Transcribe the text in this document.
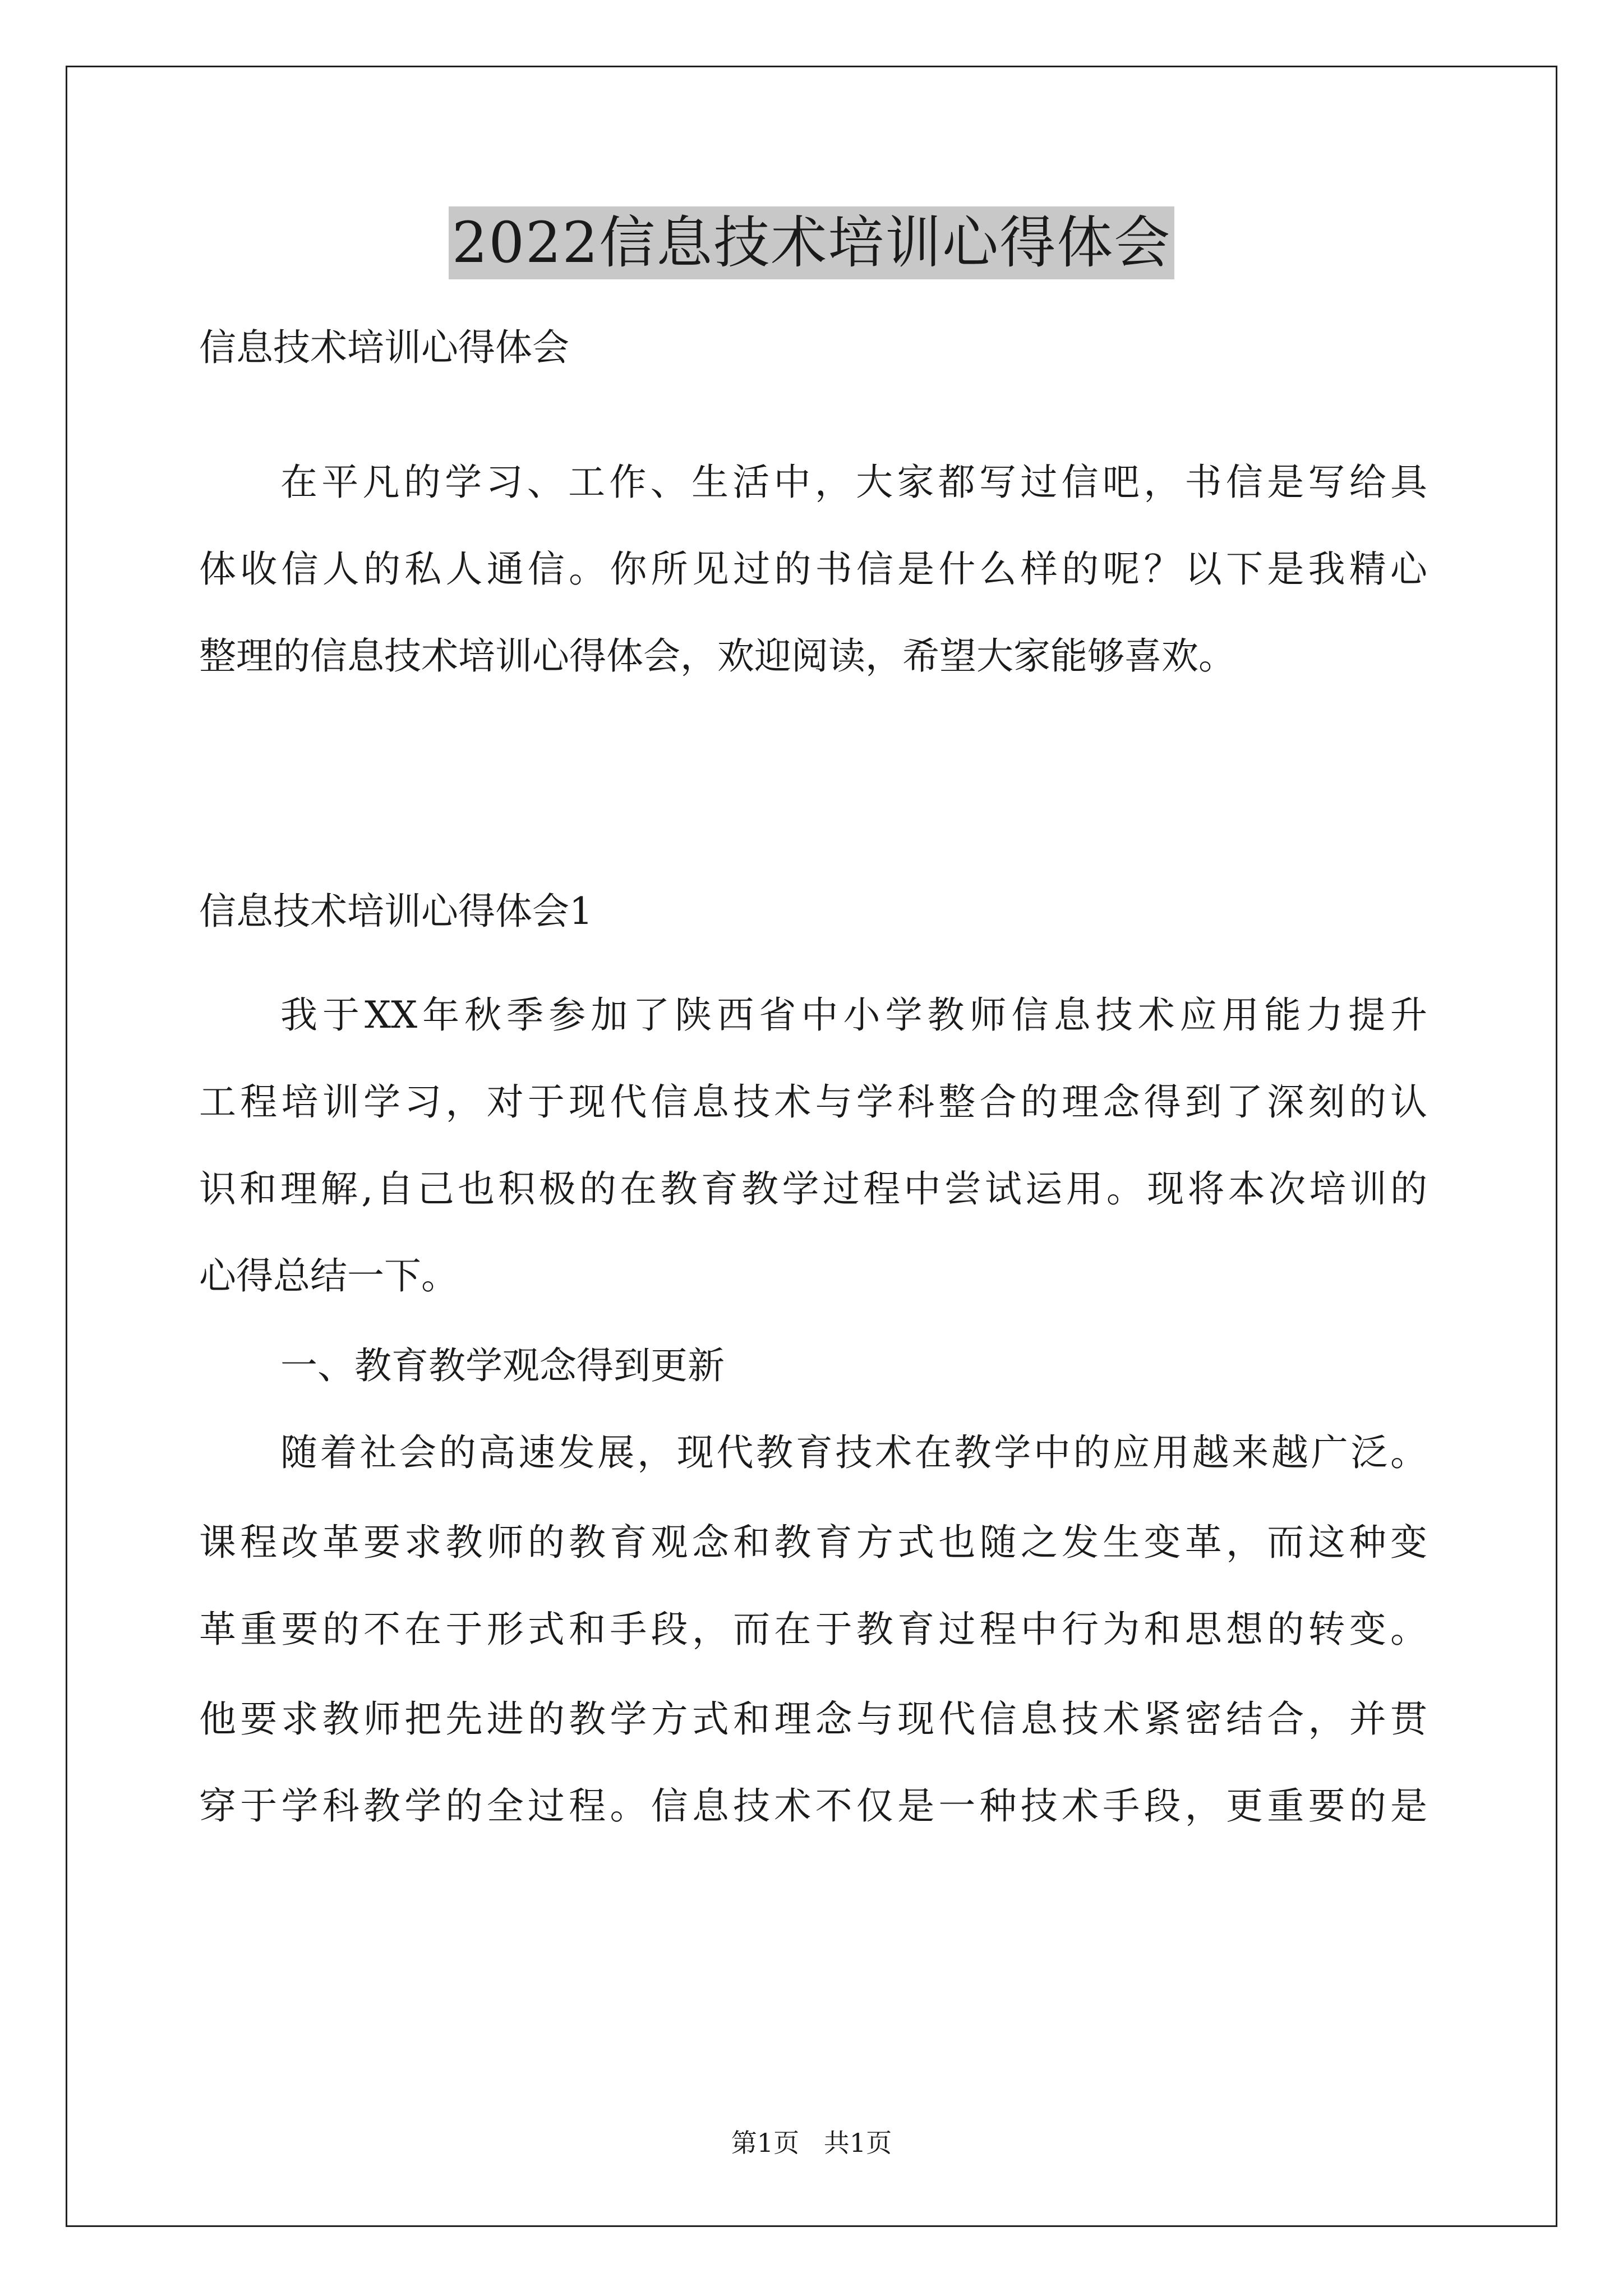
2022信息技术培训心得体会
信息技术培训心得体会
在平凡的学习、工作、生活中，大家都写过信吧，书信是写给具
体收信人的私人通信。你所见过的书信是什么样的呢？以下是我精心
整理的信息技术培训心得体会，欢迎阅读，希望大家能够喜欢。
信息技术培训心得体会1
我于XX年秋季参加了陕西省中小学教师信息技术应用能力提升
工程培训学习，对于现代信息技术与学科整合的理念得到了深刻的认
识和理解,自己也积极的在教育教学过程中尝试运用。现将本次培训的
心得总结一下。
一、教育教学观念得到更新
随着社会的高速发展，现代教育技术在教学中的应用越来越广泛。
课程改革要求教师的教育观念和教育方式也随之发生变革，而这种变
革重要的不在于形式和手段，而在于教育过程中行为和思想的转变。
他要求教师把先进的教学方式和理念与现代信息技术紧密结合，并贯
穿于学科教学的全过程。信息技术不仅是一种技术手段，更重要的是
第1页   共1页
